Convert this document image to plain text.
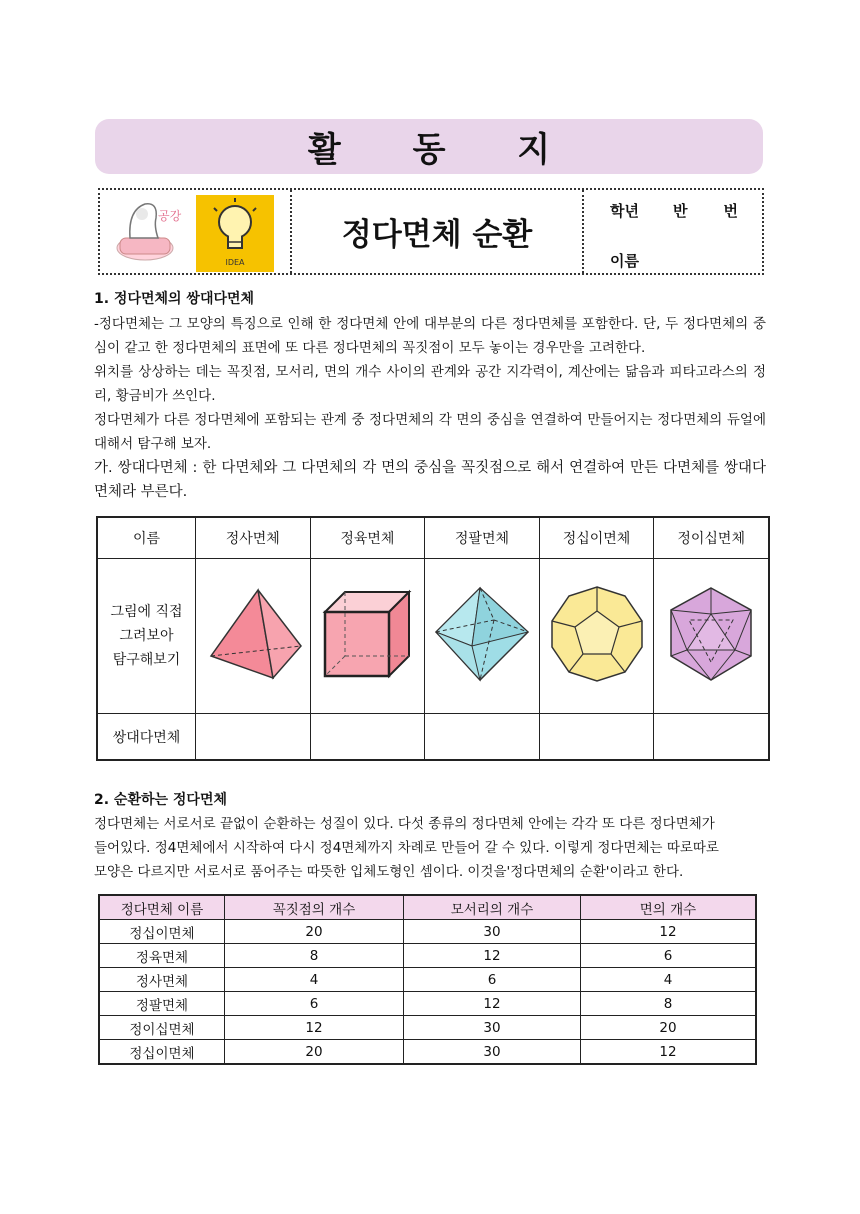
활 동 지
공강
IDEA
정다면체 순환
학년 반 번
이름
1. 정다면체의 쌍대다면체

-정다면체는 그 모양의 특징으로 인해 한 정다면체 안에 대부분의 다른 정다면체를 포함한다. 단, 두 정다면체의 중심이 같고 한 정다면체의 표면에 또 다른 정다면체의 꼭짓점이 모두 놓이는 경우만을 고려한다.

위치를 상상하는 데는 꼭짓점, 모서리, 면의 개수 사이의 관계와 공간 지각력이, 계산에는 닮음과 피타고라스의 정리, 황금비가 쓰인다.

정다면체가 다른 정다면체에 포함되는 관계 중 정다면체의 각 면의 중심을 연결하여 만들어지는 정다면체의 듀얼에 대해서 탐구해 보자.

가. 쌍대다면체 : 한 다면체와 그 다면체의 각 면의 중심을 꼭짓점으로 해서 연결하여 만든 다면체를 쌍대다면체라 부른다.

이름	정사면체	정육면체	정팔면체	정십이면체	정이십면체

그림에 직접
그려보아
탐구해보기

쌍대다면체					
2. 순환하는 정다면체

정다면체는 서로서로 끝없이 순환하는 성질이 있다. 다섯 종류의 정다면체 안에는 각각 또 다른 정다면체가

들어있다. 정4면체에서 시작하여 다시 정4면체까지 차례로 만들어 갈 수 있다. 이렇게 정다면체는 따로따로

모양은 다르지만 서로서로 품어주는 따뜻한 입체도형인 셈이다. 이것을'정다면체의 순환'이라고 한다.

정다면체 이름	꼭짓점의 개수	모서리의 개수	면의 개수
정십이면체	20	30	12
정육면체	8	12	6
정사면체	4	6	4
정팔면체	6	12	8
정이십면체	12	30	20
정십이면체	20	30	12
